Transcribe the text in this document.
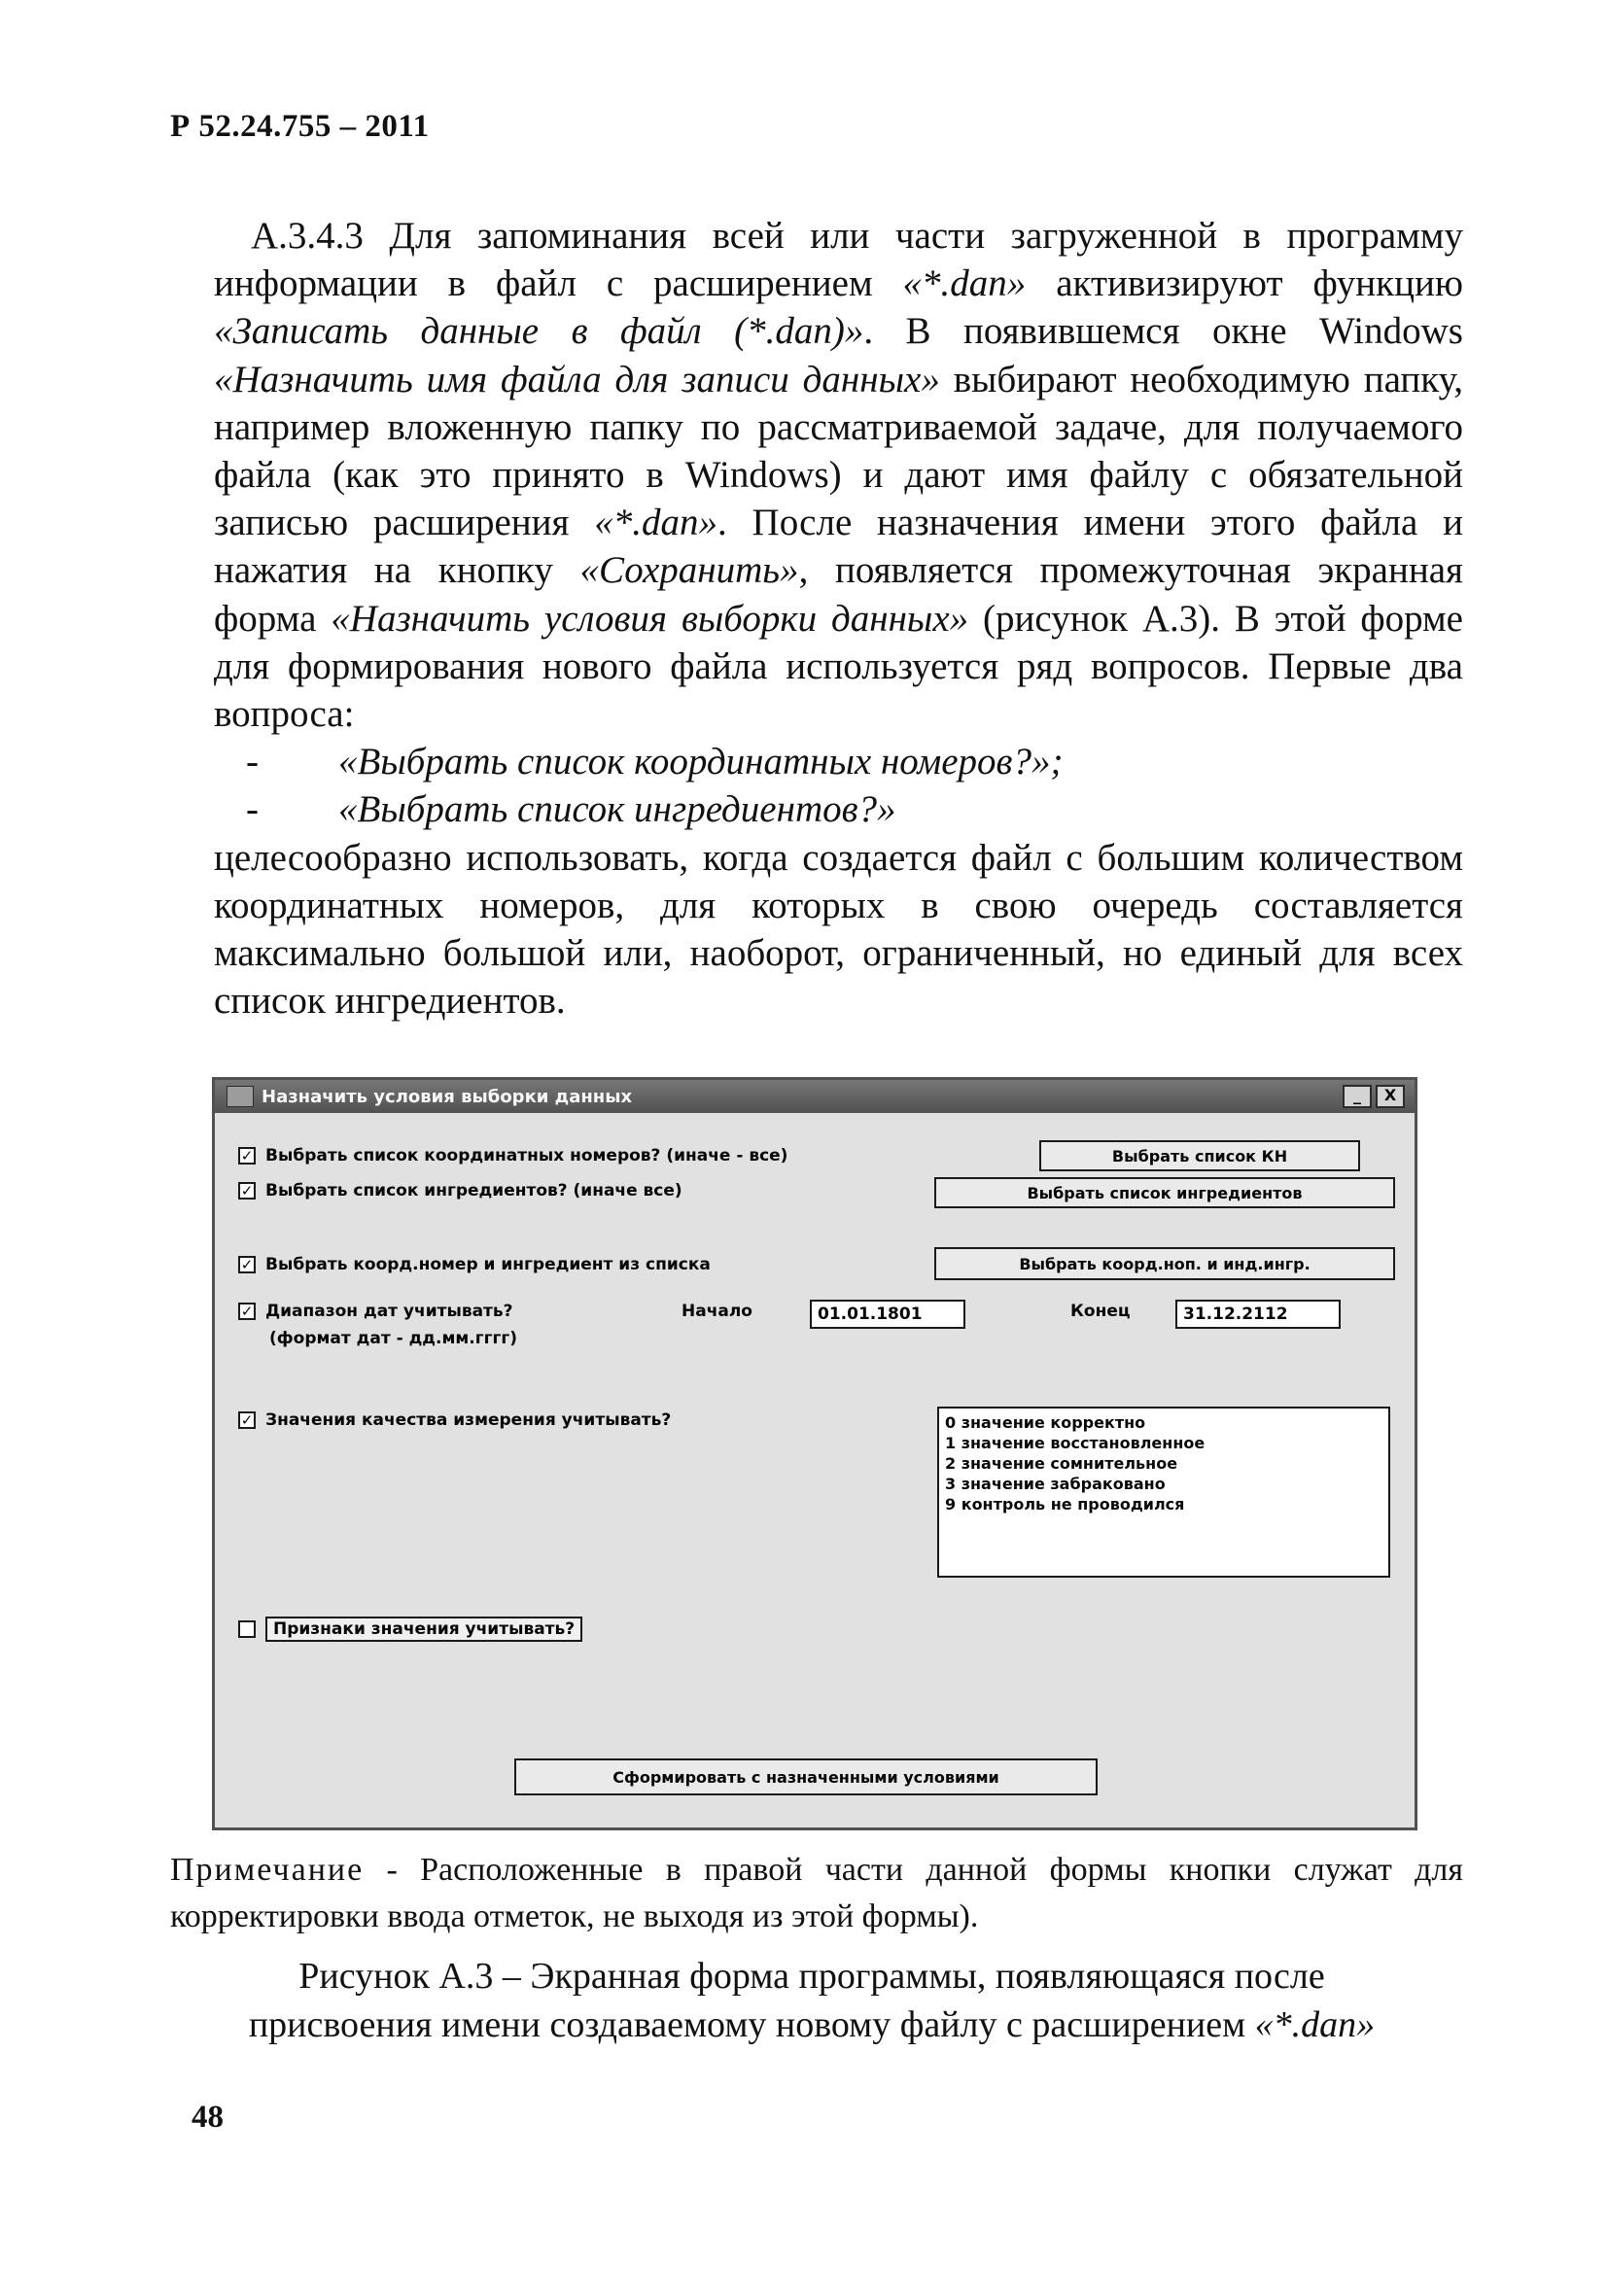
Р 52.24.755 – 2011

А.3.4.3 Для запоминания всей или части загруженной в программу информации в файл с расширением «*.dan» активизируют функцию «Записать данные в файл (*.dan)». В появившемся окне Windows «Назначить имя файла для записи данных» выбирают необходимую папку, например вложенную папку по рассматриваемой задаче, для получаемого файла (как это принято в Windows) и дают имя файлу с обязательной записью расширения «*.dan». После назначения имени этого файла и нажатия на кнопку «Сохранить», появляется промежуточная экранная форма «Назначить условия выборки данных» (рисунок А.3). В этой форме для формирования нового файла используется ряд вопросов. Первые два вопроса:

-	«Выбрать список координатных номеров?»;
-	«Выбрать список ингредиентов?»

целесообразно использовать, когда создается файл с большим количеством координатных номеров, для которых в свою очередь составляется максимально большой или, наоборот, ограниченный, но единый для всех список ингредиентов.

Назначить условия выборки данных	_	X
✓ Выбрать список координатных номеров? (иначе - все)	Выбрать список КН
✓ Выбрать список ингредиентов? (иначе все)	Выбрать список ингредиентов
✓ Выбрать коорд.номер и ингредиент из списка	Выбрать коорд.ноп. и инд.ингр.
✓ Диапазон дат учитывать?
(формат дат - дд.мм.гггг)
Начало	01.01.1801	Конец	31.12.2112
✓ Значения качества измерения учитывать?	0 значение корректно
1 значение восстановленное
2 значение сомнительное
3 значение забраковано
9 контроль не проводился
Признаки значения учитывать?
Сформировать с назначенными условиями
Примечание - Расположенные в правой части данной формы кнопки служат для корректировки ввода отметок, не выходя из этой формы).
Рисунок А.3 – Экранная форма программы, появляющаяся после
присвоения имени создаваемому новому файлу с расширением «*.dan»
48
